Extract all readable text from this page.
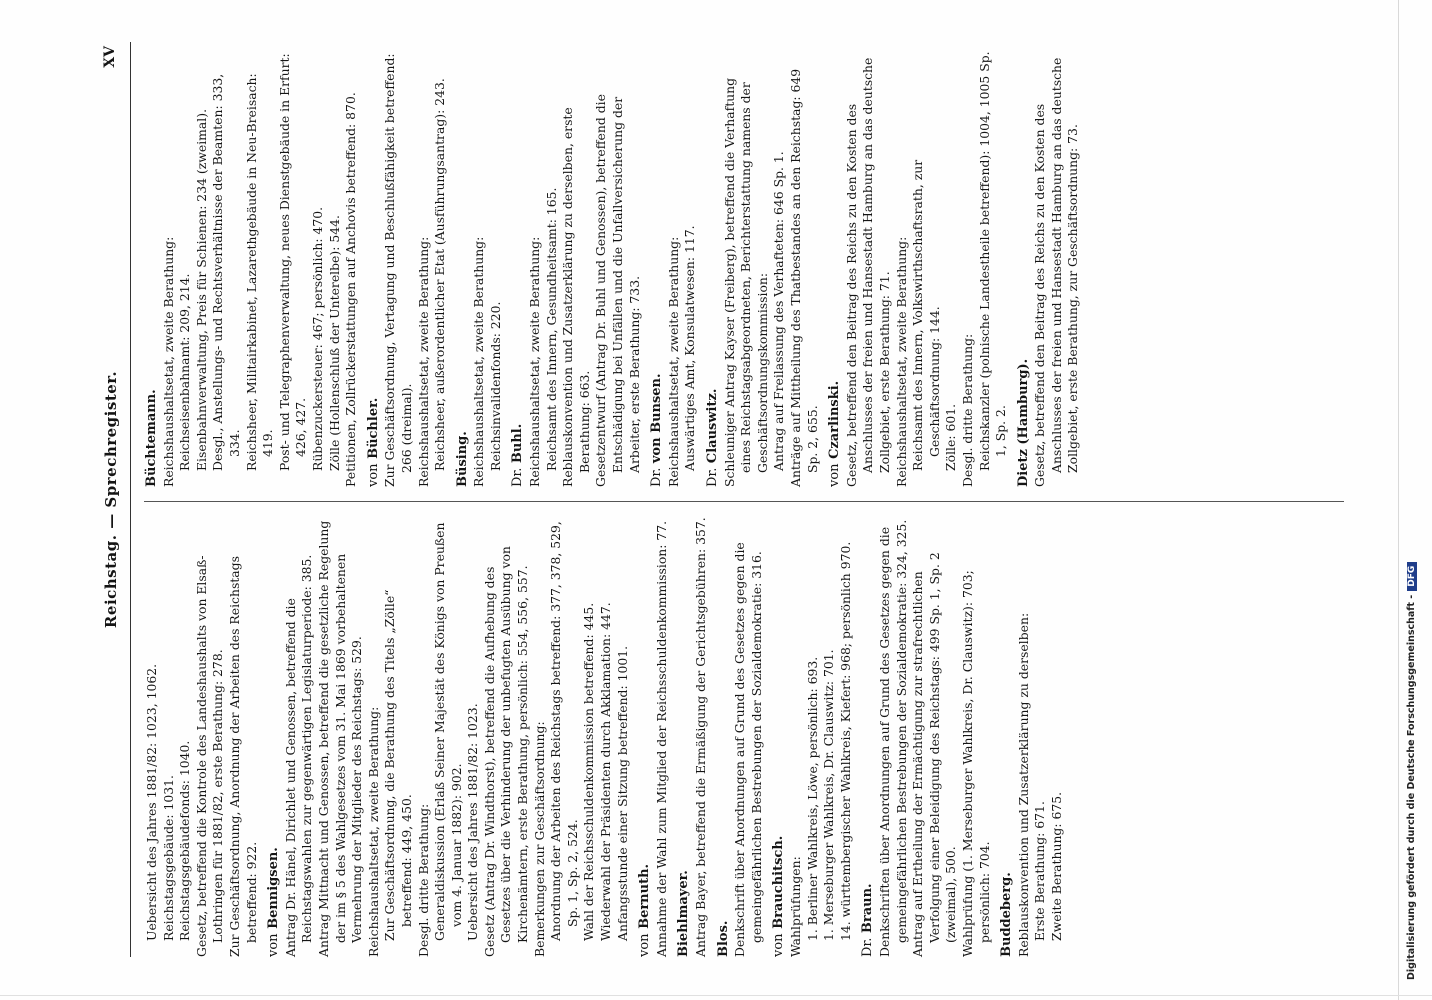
Reichstag. — Sprechregister.
XV
Uebersicht des Jahres 1881/82: 1023, 1062. Reichstagsgebäude: 1031. Reichstagsgebäudefonds: 1040. Gesetz, betreffend die Kontrole des Landeshaushalts von Elsaß-Lothringen für 1881/82, erste Berathung: 278. Zur Geschäftsordnung, Anordnung der Arbeiten des Reichstags betreffend: 922.
von Bennigsen. Antrag Dr. Hänel, Dirichlet und Genossen, betreffend die Reichstagswahlen zur gegenwärtigen Legislaturperiode: 385. Antrag Mittnacht und Genossen, betreffend die gesetzliche Regelung der im § 5 des Wahlgesetzes vom 31. Mai 1869 vorbehaltenen Vermehrung der Mitglieder des Reichstags: 529. Reichshaushaltsetat, zweite Berathung: Zur Geschäftsordnung, die Berathung des Titels „Zölle“ betreffend: 449, 450. Desgl. dritte Berathung: Generaldiskussion (Erlaß Seiner Majestät des Königs von Preußen vom 4. Januar 1882): 902. Uebersicht des Jahres 1881/82: 1023. Gesetz (Antrag Dr. Windthorst), betreffend die Aufhebung des Gesetzes über die Verhinderung der unbefugten Ausübung von Kirchenämtern, erste Berathung, persönlich: 554, 556, 557. Bemerkungen zur Geschäftsordnung: Anordnung der Arbeiten des Reichstags betreffend: 377, 378, 529, Sp. 1, Sp. 2, 524. Wahl der Reichsschuldenkommission betreffend: 445. Wiederwahl der Präsidenten durch Akklamation: 447. Anfangsstunde einer Sitzung betreffend: 1001.
von Bernuth. Annahme der Wahl zum Mitglied der Reichsschuldenkommission: 77. Biehlmayer. Antrag Bayer, betreffend die Ermäßigung der Gerichtsgebühren: 357. Blos. Denkschrift über Anordnungen auf Grund des Gesetzes gegen die gemeingefährlichen Bestrebungen der Sozialdemokratie: 316.
von Brauchitsch. Wahlprüfungen: 1. Berliner Wahlkreis, Löwe, persönlich: 693. 1. Merseburger Wahlkreis, Dr. Clauswitz: 701. 14. württembergischer Wahlkreis, Kiefert: 968; persönlich 970.
Dr. Braun. Denkschriften über Anordnungen auf Grund des Gesetzes gegen die gemeingefährlichen Bestrebungen der Sozialdemokratie: 324, 325. Antrag auf Ertheilung der Ermächtigung zur strafrechtlichen Verfolgung einer Beleidigung des Reichstags: 499 Sp. 1, Sp. 2 (zweimal), 500. Wahlprüfung (1. Merseburger Wahlkreis, Dr. Clauswitz): 703; persönlich: 704. Buddeberg. Reblauskonvention und Zusatzerklärung zu derselben: Erste Berathung: 671. Zweite Berathung: 675.
Büchtemann. Reichshaushaltsetat, zweite Berathung: Reichseisenbahnamt: 209, 214. Eisenbahnverwaltung, Preis für Schienen: 234 (zweimal). Desgl., Anstellungs- und Rechtsverhältnisse der Beamten: 333, 334. Reichsheer, Militairkabinet, Lazarethgebäude in Neu-Breisach: 419. Post- und Telegraphenverwaltung, neues Dienstgebäude in Erfurt: 426, 427. Rübenzuckersteuer: 467; persönlich: 470. Zölle (Hollenschluß der Unterelbe): 544. Petitionen, Zollrückerstattungen auf Anchovis betreffend: 870. von Büchler. Zur Geschäftsordnung, Vertagung und Beschlußfähigkeit betreffend: 266 (dreimal). Reichshaushaltsetat, zweite Berathung: Reichsheer, außerordentlicher Etat (Ausführungsantrag): 243. Büsing. Reichshaushaltsetat, zweite Berathung: Reichsinvalidenfonds: 220.
Dr. Buhl. Reichshaushaltsetat, zweite Berathung: Reichsamt des Innern, Gesundheitsamt: 165. Reblauskonvention und Zusatzerklärung zu derselben, erste Berathung: 663. Gesetzentwurf (Antrag Dr. Buhl und Genossen), betreffend die Entschädigung bei Unfällen und die Unfallversicherung der Arbeiter, erste Berathung: 733.
Dr. von Bunsen. Reichshaushaltsetat, zweite Berathung: Auswärtiges Amt, Konsulatwesen: 117.
Dr. Clauswitz. Schleuniger Antrag Kayser (Freiberg), betreffend die Verhaftung eines Reichstagsabgeordneten, Berichterstattung namens der Geschäftsordnungskommission: Antrag auf Freilassung des Verhafteten: 646 Sp. 1. Anträge auf Mittheilung des Thatbestandes an den Reichstag: 649 Sp. 2, 655.
von Czarlinski. Gesetz, betreffend den Beitrag des Reichs zu den Kosten des Anschlusses der freien und Hansestadt Hamburg an das deutsche Zollgebiet, erste Berathung: 71. Reichshaushaltsetat, zweite Berathung: Reichsamt des Innern, Volkswirthschaftsrath, zur Geschäftsordnung: 144. Zölle: 601. Desgl. dritte Berathung: Reichskanzler (polnische Landestheile betreffend): 1004, 1005 Sp. 1, Sp. 2. Dietz (Hamburg). Gesetz, betreffend den Beitrag des Reichs zu den Kosten des Anschlusses der freien und Hansestadt Hamburg an das deutsche Zollgebiet, erste Berathung, zur Geschäftsordnung: 73.
Digitalisierung gefördert durch die Deutsche Forschungsgemeinschaft -DFG
